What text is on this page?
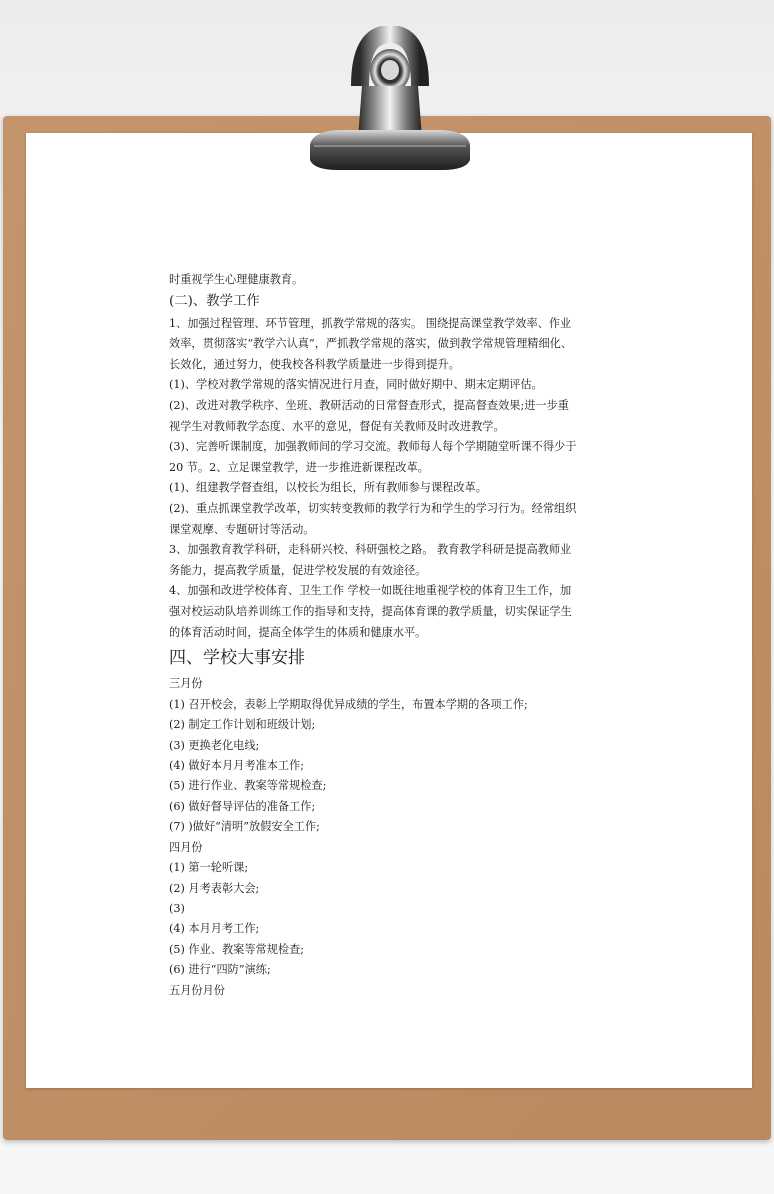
时重视学生心理健康教育。

(二)、教学工作

1、加强过程管理、环节管理，抓教学常规的落实。 围绕提高课堂教学效率、作业

效率，贯彻落实“教学六认真”，严抓教学常规的落实，做到教学常规管理精细化、

长效化，通过努力，使我校各科教学质量进一步得到提升。

(1)、学校对教学常规的落实情况进行月查，同时做好期中、期末定期评估。

(2)、改进对教学秩序、坐班、教研活动的日常督查形式，提高督查效果;进一步重

视学生对教师教学态度、水平的意见，督促有关教师及时改进教学。

(3)、完善听课制度，加强教师间的学习交流。教师每人每个学期随堂听课不得少于

20 节。2、立足课堂教学，进一步推进新课程改革。

(1)、组建教学督查组，以校长为组长，所有教师参与课程改革。

(2)、重点抓课堂教学改革，切实转变教师的教学行为和学生的学习行为。经常组织

课堂观摩、专题研讨等活动。

3、加强教育教学科研，走科研兴校、科研强校之路。 教育教学科研是提高教师业

务能力，提高教学质量，促进学校发展的有效途径。

4、加强和改进学校体育、卫生工作 学校一如既往地重视学校的体育卫生工作，加

强对校运动队培养训练工作的指导和支持，提高体育课的教学质量，切实保证学生

的体育活动时间，提高全体学生的体质和健康水平。

四、学校大事安排

三月份

(1) 召开校会，表彰上学期取得优异成绩的学生，布置本学期的各项工作;

(2) 制定工作计划和班级计划;

(3) 更换老化电线;

(4) 做好本月月考准本工作;

(5) 进行作业、教案等常规检查;

(6) 做好督导评估的准备工作;

(7) )做好“清明”放假安全工作;

四月份

(1) 第一轮听课;

(2) 月考表彰大会;

(3)

(4) 本月月考工作;

(5) 作业、教案等常规检查;

(6) 进行“四防”演练;

五月份月份
